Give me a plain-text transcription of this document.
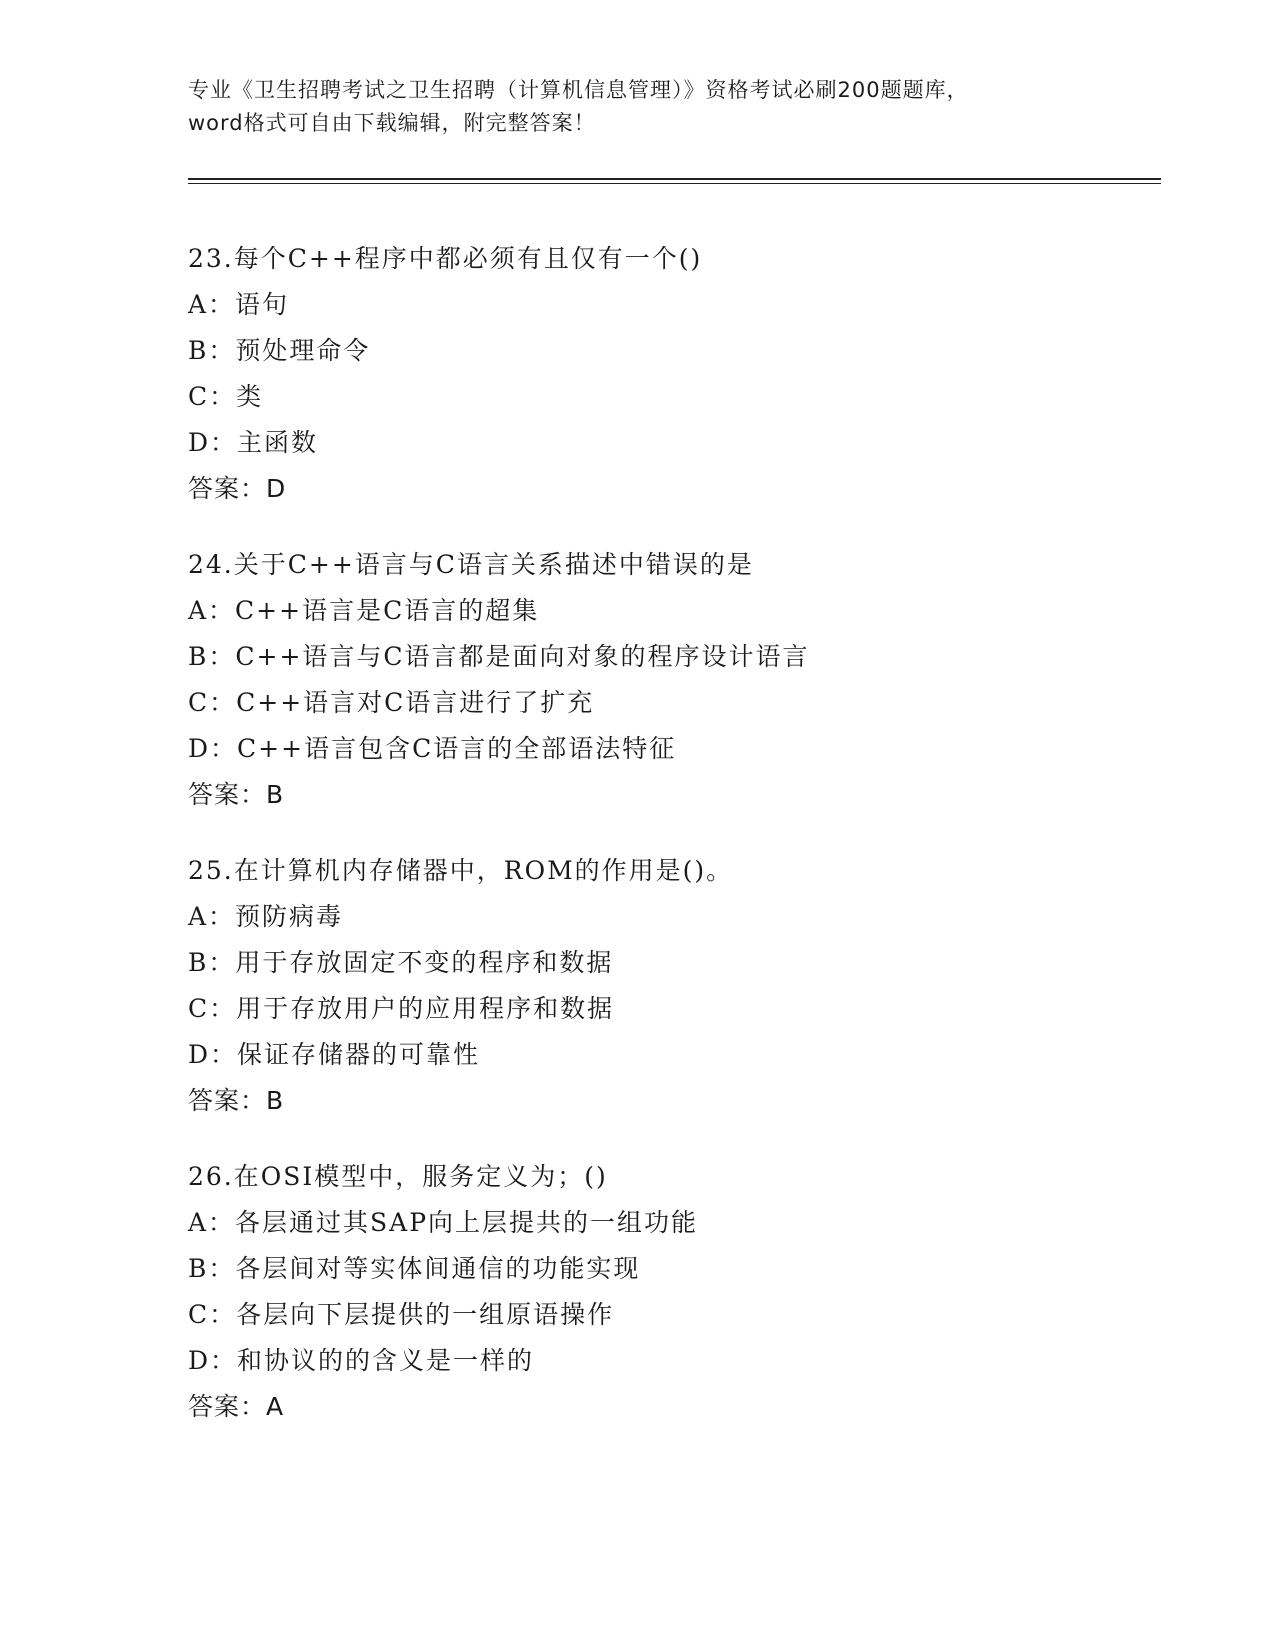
专业《卫生招聘考试之卫生招聘（计算机信息管理）》资格考试必刷200题题库，
word格式可自由下载编辑，附完整答案！
23.每个C++程序中都必须有且仅有一个()
A：语句
B：预处理命令
C：类
D：主函数
答案：D
24.关于C++语言与C语言关系描述中错误的是
A：C++语言是C语言的超集
B：C++语言与C语言都是面向对象的程序设计语言
C：C++语言对C语言进行了扩充
D：C++语言包含C语言的全部语法特征
答案：B
25.在计算机内存储器中，ROM的作用是()。
A：预防病毒
B：用于存放固定不变的程序和数据
C：用于存放用户的应用程序和数据
D：保证存储器的可靠性
答案：B
26.在OSI模型中，服务定义为；()
A：各层通过其SAP向上层提共的一组功能
B：各层间对等实体间通信的功能实现
C：各层向下层提供的一组原语操作
D：和协议的的含义是一样的
答案：A
